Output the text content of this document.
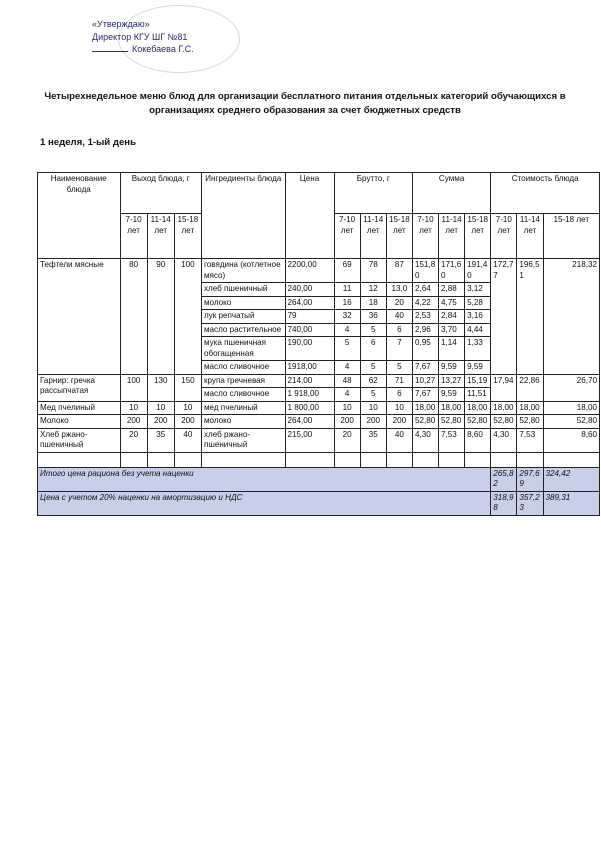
«Утверждаю»
Директор КГУ ШГ №81
Кокебаева Г.С.
Четырехнедельное меню блюд для организации бесплатного питания отдельных категорий обучающихся в организациях среднего образования за счет бюджетных средств
1 неделя, 1-ый день
Наименование блюда	Выход блюда, г			Ингредиенты блюда	Цена	Брутто, г			Сумма			Стоимость блюда		
	7-10 лет	11-14 лет	15-18 лет			7-10 лет	11-14 лет	15-18 лет	7-10 лет	11-14 лет	15-18 лет	7-10 лет	11-14 лет	15-18 лет
Тефтели мясные	80	90	100	говядина (котлетное мясо)	2200,00	69	78	87	151,80	171,60	191,40	172,77	196,51	218,32
				хлеб пшеничный	240,00	11	12	13,0	2,64	2,88	3,12			
				молоко	264,00	16	18	20	4,22	4,75	5,28			
				лук репчатый	79	32	36	40	2,53	2,84	3,16			
				масло растительное	740,00	4	5	6	2,96	3,70	4,44			
				мука пшеничная обогащенная	190,00	5	6	7	0,95	1,14	1,33			
				масло сливочное	1918,00	4	5	5	7,67	9,59	9,59			
Гарнир: гречка рассыпчатая	100	130	150	крупа гречневая	214,00	48	62	71	10,27	13,27	15,19	17,94	22,86	26,70
				масло сливочное	1 918,00	4	5	6	7,67	9,59	11,51			
Мед пчелиный	10	10	10	мед пчелиный	1 800,00	10	10	10	18,00	18,00	18,00	18,00	18,00	18,00
Молоко	200	200	200	молоко	264,00	200	200	200	52,80	52,80	52,80	52,80	52,80	52,80
Хлеб ржано-пшеничный	20	35	40	хлеб ржано-пшеничный	215,00	20	35	40	4,30	7,53	8,60	4,30	7,53	8,60

Итого цена рациона без учета наценки												265,82	297,69	324,42
Цена с учетом 20% наценки на амортизацию и НДС												318,98	357,23	389,31
